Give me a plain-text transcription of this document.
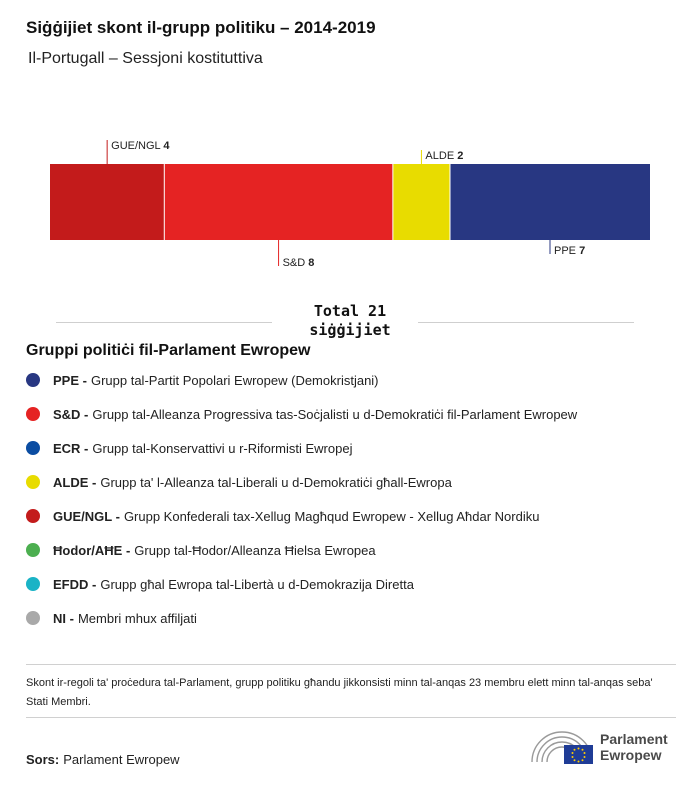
Siġġijiet skont il-grupp politiku – 2014-2019
Il-Portugall – Sessjoni kostituttiva
GUE/NGL 4
S&D 8
ALDE 2
PPE 7
Total 21
siġġijiet
Gruppi politiċi fil-Parlament Ewropew
PPE - Grupp tal-Partit Popolari Ewropew (Demokristjani)
S&D - Grupp tal-Alleanza Progressiva tas-Soċjalisti u d-Demokratiċi fil-Parlament Ewropew
ECR - Grupp tal-Konservattivi u r-Riformisti Ewropej
ALDE - Grupp ta' l-Alleanza tal-Liberali u d-Demokratiċi għall-Ewropa
GUE/NGL - Grupp Konfederali tax-Xellug Magħqud Ewropew - Xellug Aħdar Nordiku
Ħodor/AĦE - Grupp tal-Ħodor/Alleanza Ħielsa Ewropea
EFDD - Grupp għal Ewropa tal-Libertà u d-Demokrazija Diretta
NI - Membri mhux affiljati
Skont ir-regoli ta' proċedura tal-Parlament, grupp politiku għandu jikkonsisti minn tal-anqas 23 membru elett minn tal-anqas seba' Stati Membri.
Sors: Parlament Ewropew
Parlament
Ewropew
